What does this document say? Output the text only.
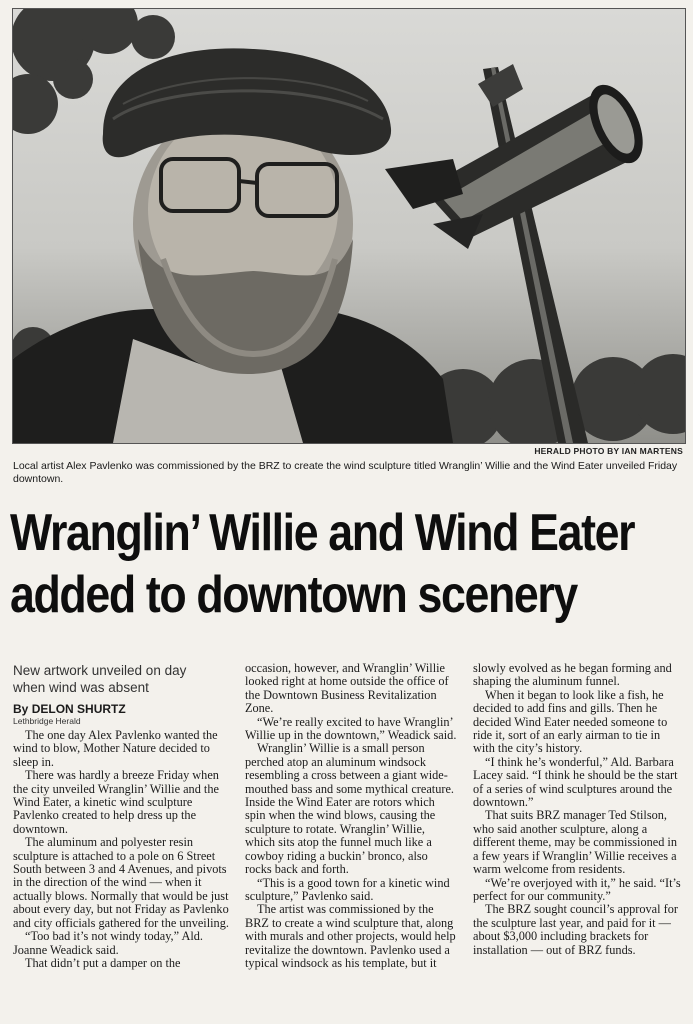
HERALD PHOTO BY IAN MARTENS
Local artist Alex Pavlenko was commissioned by the BRZ to create the wind sculpture titled Wranglin’ Willie and the Wind Eater unveiled Friday downtown.
Wranglin’ Willie and Wind Eater
added to downtown scenery
New artwork unveiled on day
when wind was absent
By DELON SHURTZ
Lethbridge Herald

The one day Alex Pavlenko wanted the wind to blow, Mother Nature decided to sleep in.

There was hardly a breeze Friday when the city unveiled Wranglin’ Willie and the Wind Eater, a kinetic wind sculpture Pavlenko created to help dress up the downtown.

The aluminum and polyester resin sculpture is attached to a pole on 6 Street South between 3 and 4 Avenues, and pivots in the direction of the wind — when it actually blows. Normally that would be just about every day, but not Friday as Pavlenko and city officials gathered for the unveiling.

“Too bad it’s not windy today,” Ald. Joanne Weadick said.

That didn’t put a damper on the

occasion, however, and Wranglin’ Willie looked right at home outside the office of the Downtown Business Revitalization Zone.

“We’re really excited to have Wranglin’ Willie up in the downtown,” Weadick said.

Wranglin’ Willie is a small person perched atop an aluminum windsock resembling a cross between a giant wide-mouthed bass and some mythical creature. Inside the Wind Eater are rotors which spin when the wind blows, causing the sculpture to rotate. Wranglin’ Willie, which sits atop the funnel much like a cowboy riding a buckin’ bronco, also rocks back and forth.

“This is a good town for a kinetic wind sculpture,” Pavlenko said.

The artist was commissioned by the BRZ to create a wind sculpture that, along with murals and other projects, would help revitalize the downtown. Pavlenko used a typical windsock as his template, but it

slowly evolved as he began forming and shaping the aluminum funnel.

When it began to look like a fish, he decided to add fins and gills. Then he decided Wind Eater needed someone to ride it, sort of an early airman to tie in with the city’s history.

“I think he’s wonderful,” Ald. Barbara Lacey said. “I think he should be the start of a series of wind sculptures around the downtown.”

That suits BRZ manager Ted Stilson, who said another sculpture, along a different theme, may be commissioned in a few years if Wranglin’ Willie receives a warm welcome from residents.

“We’re overjoyed with it,” he said. “It’s perfect for our community.”

The BRZ sought council’s approval for the sculpture last year, and paid for it — about $3,000 including brackets for installation — out of BRZ funds.
